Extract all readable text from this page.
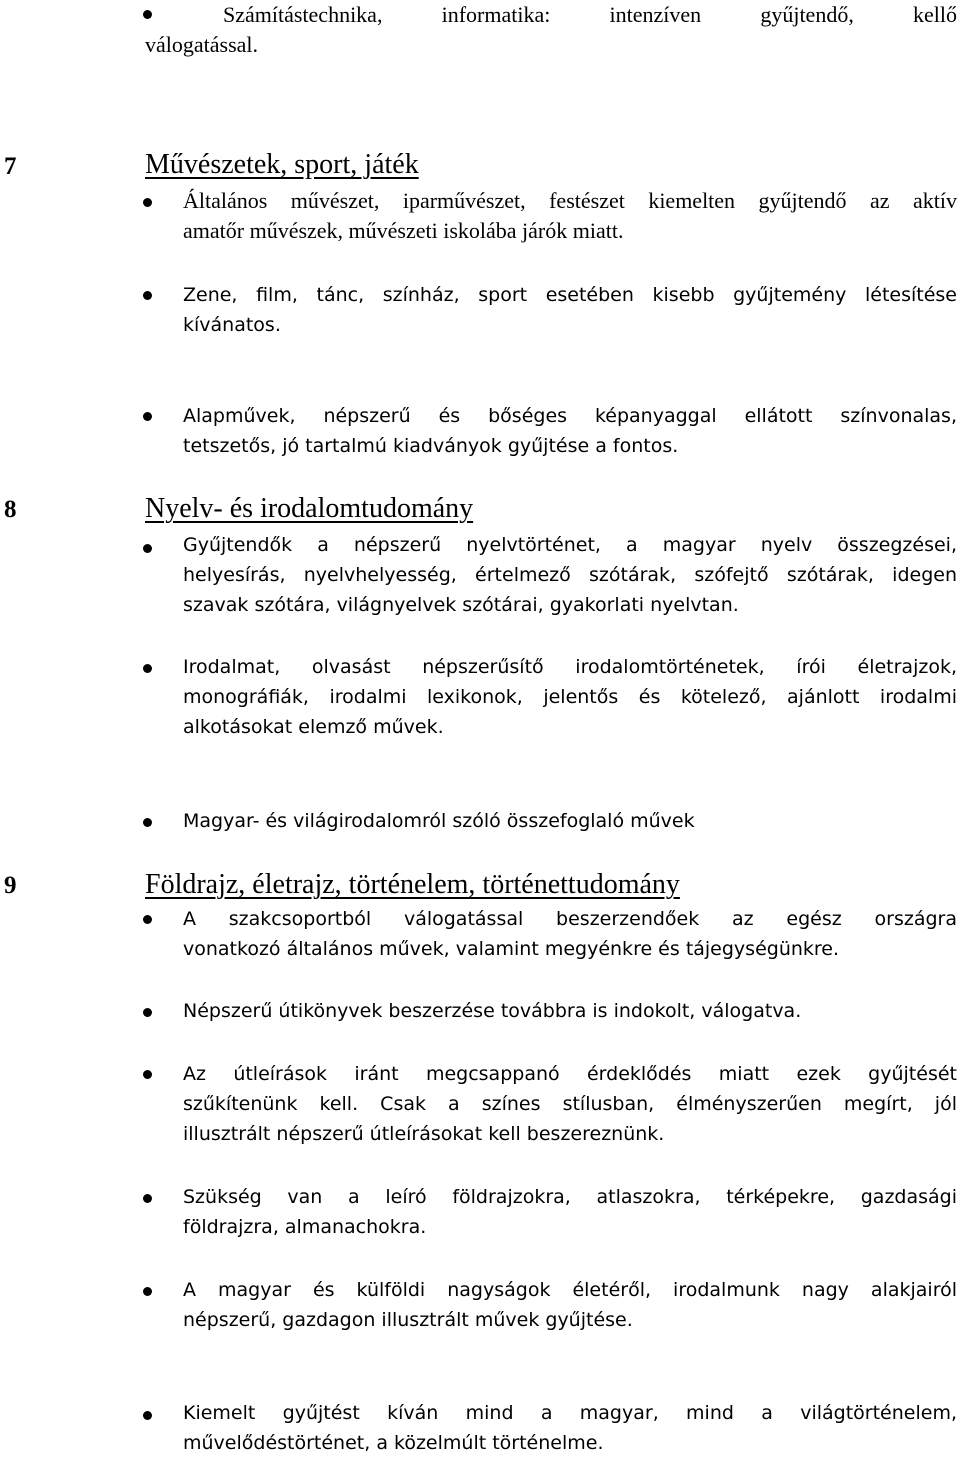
Számítástechnika, informatika: intenzíven gyűjtendő, kellő
válogatással.
7	Művészetek, sport, játék
Általános művészet, iparművészet, festészet kiemelten gyűjtendő az aktív
amatőr művészek, művészeti iskolába járók miatt.
Zene, film, tánc, színház, sport esetében kisebb gyűjtemény létesítése
kívánatos.
Alapművek, népszerű és bőséges képanyaggal ellátott színvonalas,
tetszetős, jó tartalmú kiadványok gyűjtése a fontos.
8	Nyelv- és irodalomtudomány
Gyűjtendők a népszerű nyelvtörténet, a magyar nyelv összegzései,
helyesírás, nyelvhelyesség, értelmező szótárak, szófejtő szótárak, idegen
szavak szótára, világnyelvek szótárai, gyakorlati nyelvtan.
Irodalmat, olvasást népszerűsítő irodalomtörténetek, írói életrajzok,
monográfiák, irodalmi lexikonok, jelentős és kötelező, ajánlott irodalmi
alkotásokat elemző művek.
Magyar- és világirodalomról szóló összefoglaló művek
9	Földrajz, életrajz, történelem, történettudomány
A szakcsoportból válogatással beszerzendőek az egész országra
vonatkozó általános művek, valamint megyénkre és tájegységünkre.
Népszerű útikönyvek beszerzése továbbra is indokolt, válogatva.
Az útleírások iránt megcsappanó érdeklődés miatt ezek gyűjtését
szűkítenünk kell. Csak a színes stílusban, élményszerűen megírt, jól
illusztrált népszerű útleírásokat kell beszereznünk.
Szükség van a leíró földrajzokra, atlaszokra, térképekre, gazdasági
földrajzra, almanachokra.
A magyar és külföldi nagyságok életéről, irodalmunk nagy alakjairól
népszerű, gazdagon illusztrált művek gyűjtése.
Kiemelt gyűjtést kíván mind a magyar, mind a világtörténelem,
művelődéstörténet, a közelmúlt történelme.
